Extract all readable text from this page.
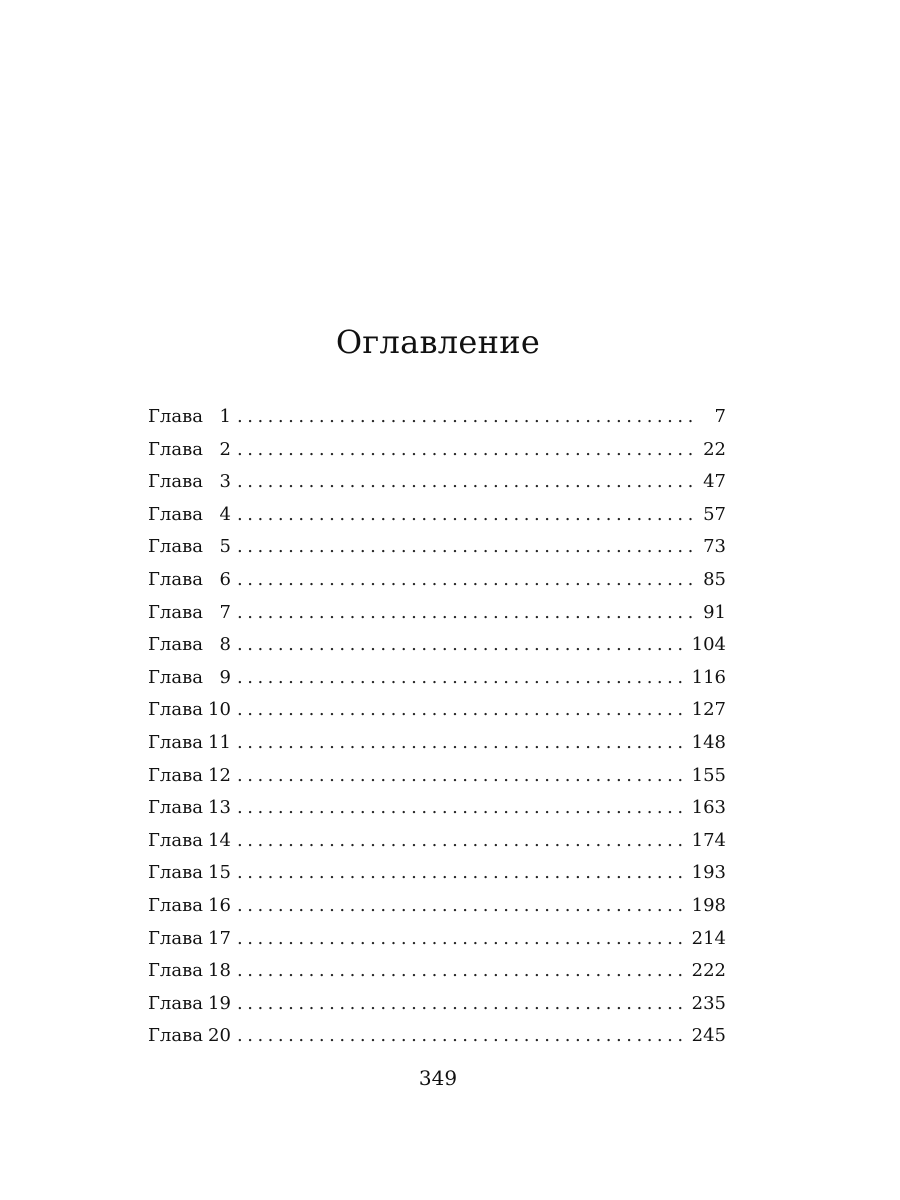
Оглавление
Глава 1 . . .	7
Глава 2 . . .	22
Глава 3 . . .	47
Глава 4 . . .	57
Глава 5 . . .	73
Глава 6 . . .	85
Глава 7 . . .	91
Глава 8 . . .	104
Глава 9 . . .	116
Глава 10 . . .	127
Глава 11 . . .	148
Глава 12 . . .	155
Глава 13 . . .	163
Глава 14 . . .	174
Глава 15 . . .	193
Глава 16 . . .	198
Глава 17 . . .	214
Глава 18 . . .	222
Глава 19 . . .	235
Глава 20 . . .	245
349
